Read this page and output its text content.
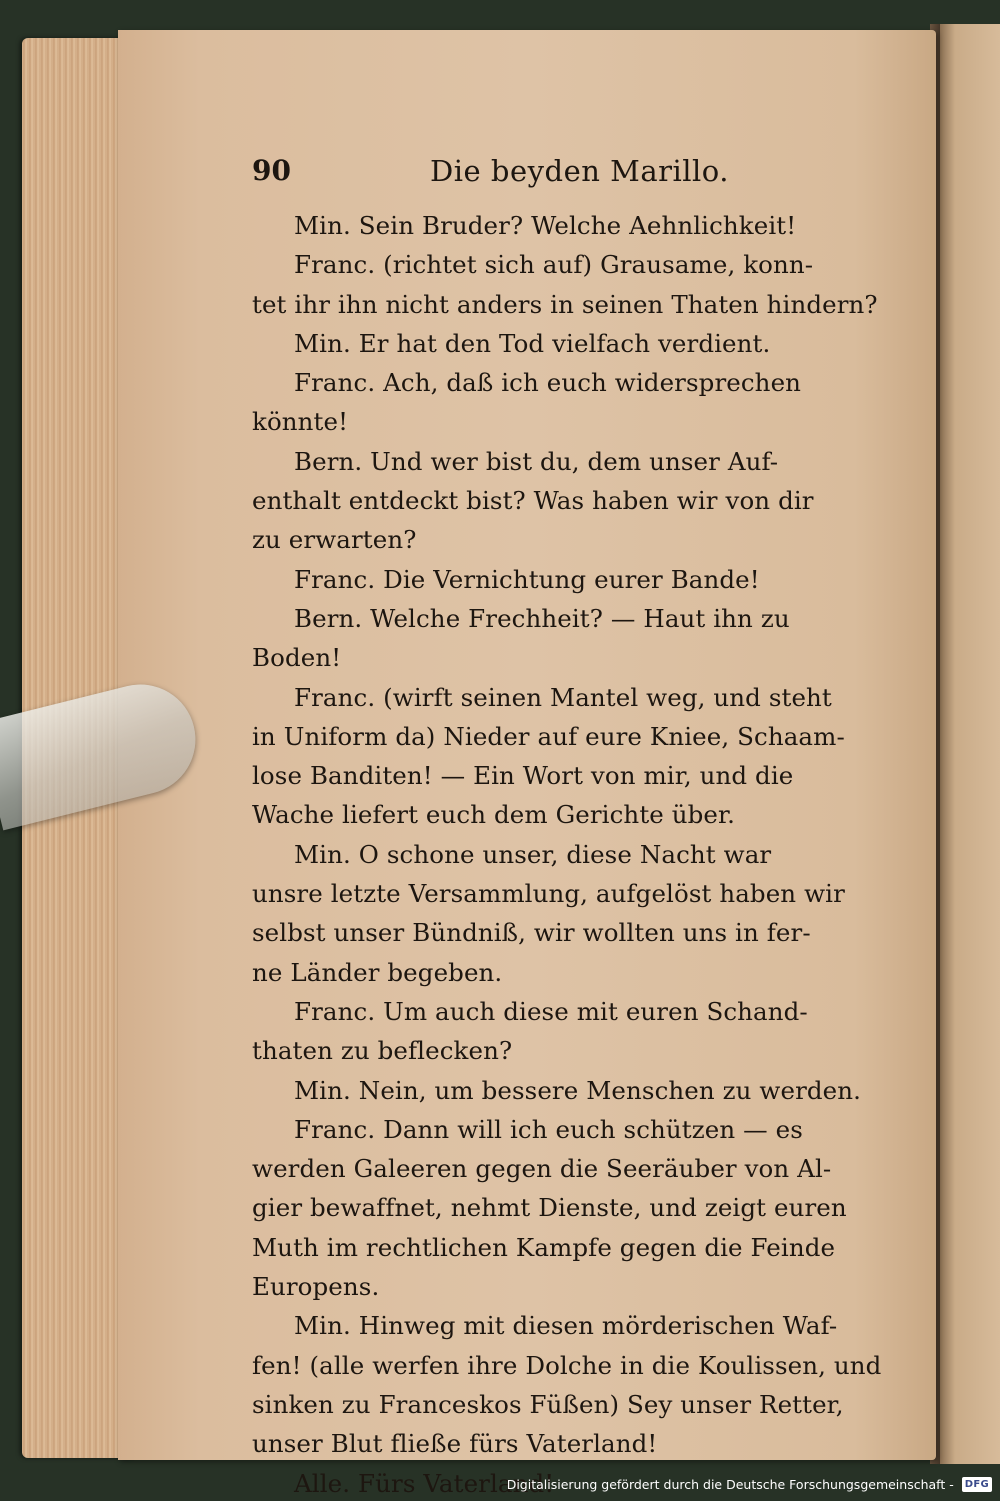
90	Die beyden Marillo.
Min. Sein Bruder? Welche Aehnlichkeit!
Franc. (richtet sich auf) Grausame, konn-
tet ihr ihn nicht anders in seinen Thaten hindern?
Min. Er hat den Tod vielfach verdient.
Franc. Ach, daß ich euch widersprechen
könnte!
Bern. Und wer bist du, dem unser Auf-
enthalt entdeckt bist? Was haben wir von dir
zu erwarten?
Franc. Die Vernichtung eurer Bande!
Bern. Welche Frechheit? — Haut ihn zu
Boden!
Franc. (wirft seinen Mantel weg, und steht
in Uniform da) Nieder auf eure Kniee, Schaam-
lose Banditen! — Ein Wort von mir, und die
Wache liefert euch dem Gerichte über.
Min. O schone unser, diese Nacht war
unsre letzte Versammlung, aufgelöst haben wir
selbst unser Bündniß, wir wollten uns in fer-
ne Länder begeben.
Franc. Um auch diese mit euren Schand-
thaten zu beflecken?
Min. Nein, um bessere Menschen zu werden.
Franc. Dann will ich euch schützen — es
werden Galeeren gegen die Seeräuber von Al-
gier bewaffnet, nehmt Dienste, und zeigt euren
Muth im rechtlichen Kampfe gegen die Feinde
Europens.
Min. Hinweg mit diesen mörderischen Waf-
fen! (alle werfen ihre Dolche in die Koulissen, und
sinken zu Franceskos Füßen) Sey unser Retter,
unser Blut fließe fürs Vaterland!
Alle. Fürs Vaterland!
Digitalisierung gefördert durch die Deutsche Forschungsgemeinschaft -	DFG
